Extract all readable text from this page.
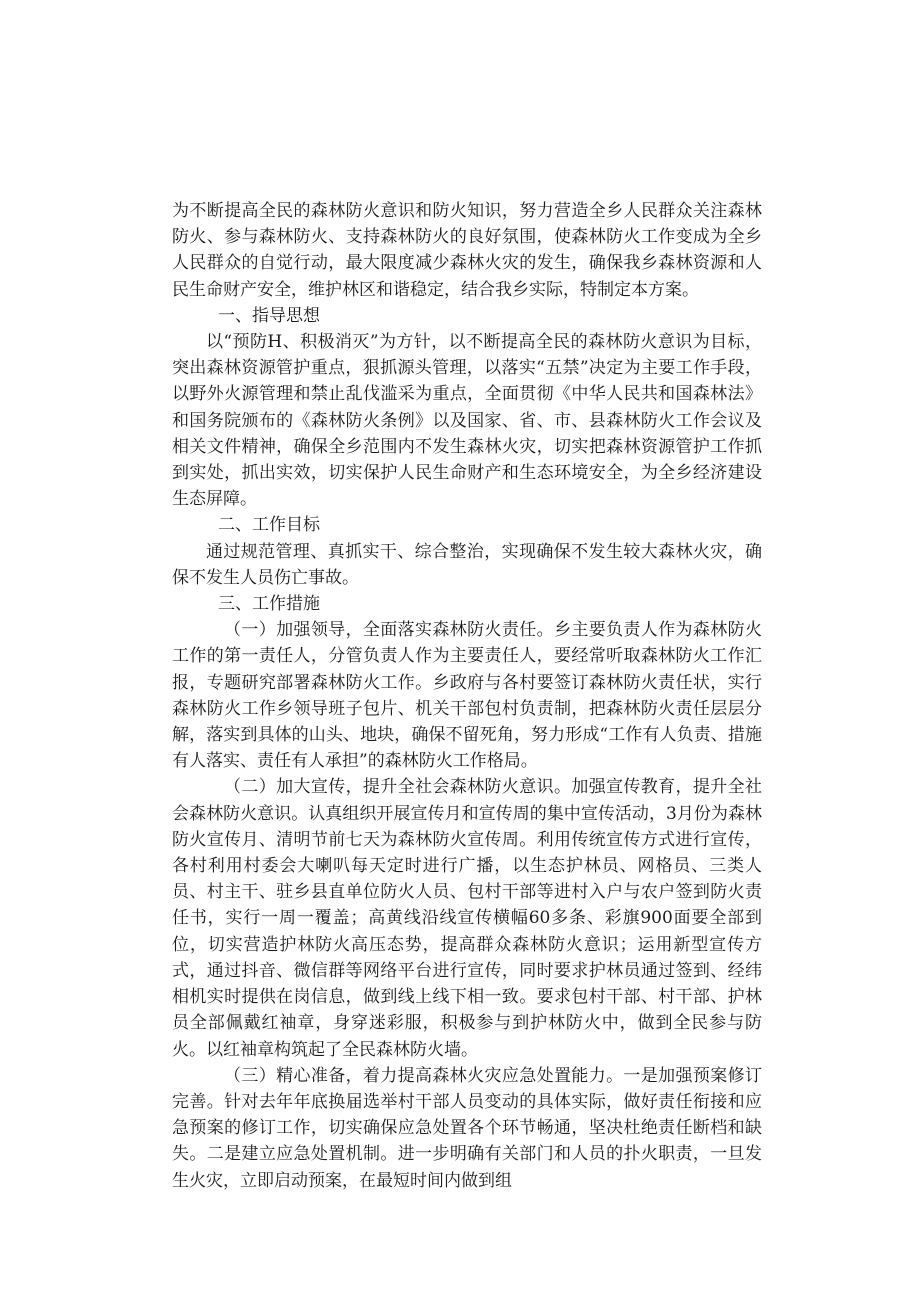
为不断提高全民的森林防火意识和防火知识，努力营造全乡人民群众关注森林防火、参与森林防火、支持森林防火的良好氛围，使森林防火工作变成为全乡人民群众的自觉行动，最大限度减少森林火灾的发生，确保我乡森林资源和人民生命财产安全，维护林区和谐稳定，结合我乡实际，特制定本方案。

一、指导思想

以“预防H、积极消灭”为方针，以不断提高全民的森林防火意识为目标，突出森林资源管护重点，狠抓源头管理，以落实“五禁”决定为主要工作手段，以野外火源管理和禁止乱伐滥采为重点，全面贯彻《中华人民共和国森林法》和国务院颁布的《森林防火条例》以及国家、省、市、县森林防火工作会议及相关文件精神，确保全乡范围内不发生森林火灾，切实把森林资源管护工作抓到实处，抓出实效，切实保护人民生命财产和生态环境安全，为全乡经济建设生态屏障。

二、工作目标

通过规范管理、真抓实干、综合整治，实现确保不发生较大森林火灾，确保不发生人员伤亡事故。

三、工作措施

（一）加强领导，全面落实森林防火责任。乡主要负责人作为森林防火工作的第一责任人，分管负责人作为主要责任人，要经常听取森林防火工作汇报，专题研究部署森林防火工作。乡政府与各村要签订森林防火责任状，实行森林防火工作乡领导班子包片、机关干部包村负责制，把森林防火责任层层分解，落实到具体的山头、地块，确保不留死角，努力形成“工作有人负责、措施有人落实、责任有人承担”的森林防火工作格局。

（二）加大宣传，提升全社会森林防火意识。加强宣传教育，提升全社会森林防火意识。认真组织开展宣传月和宣传周的集中宣传活动，3月份为森林防火宣传月、清明节前七天为森林防火宣传周。利用传统宣传方式进行宣传，各村利用村委会大喇叭每天定时进行广播，以生态护林员、网格员、三类人员、村主干、驻乡县直单位防火人员、包村干部等进村入户与农户签到防火责任书，实行一周一覆盖；高黄线沿线宣传横幅60多条、彩旗900面要全部到位，切实营造护林防火高压态势，提高群众森林防火意识；运用新型宣传方式，通过抖音、微信群等网络平台进行宣传，同时要求护林员通过签到、经纬相机实时提供在岗信息，做到线上线下相一致。要求包村干部、村干部、护林员全部佩戴红袖章，身穿迷彩服，积极参与到护林防火中，做到全民参与防火。以红袖章构筑起了全民森林防火墙。

（三）精心准备，着力提高森林火灾应急处置能力。一是加强预案修订完善。针对去年年底换届选举村干部人员变动的具体实际，做好责任衔接和应急预案的修订工作，切实确保应急处置各个环节畅通，坚决杜绝责任断档和缺失。二是建立应急处置机制。进一步明确有关部门和人员的扑火职责，一旦发生火灾，立即启动预案，在最短时间内做到组
